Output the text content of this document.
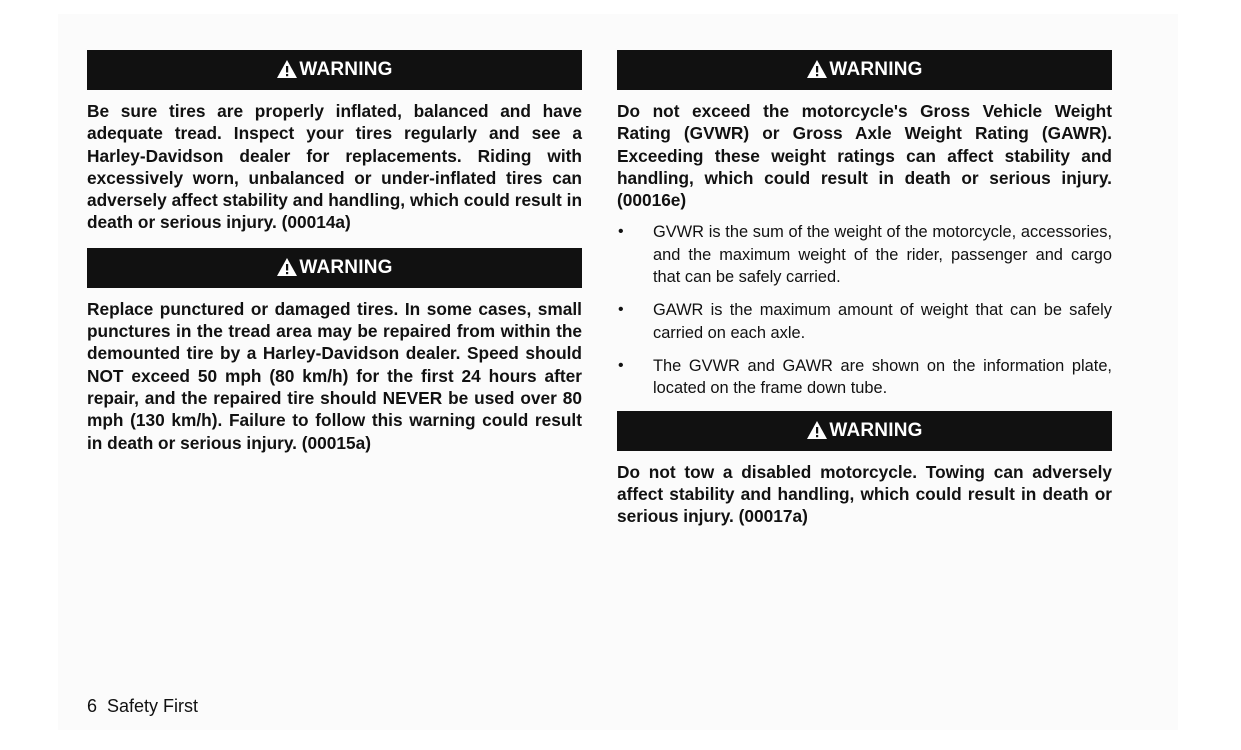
WARNING

Be sure tires are properly inflated, balanced and have adequate tread. Inspect your tires regularly and see a Harley-Davidson dealer for replacements. Riding with excessively worn, unbalanced or under-inflated tires can adversely affect stability and handling, which could result in death or serious injury. (00014a)

WARNING

Replace punctured or damaged tires. In some cases, small punctures in the tread area may be repaired from within the demounted tire by a Harley-Davidson dealer. Speed should NOT exceed 50 mph (80 km/h) for the first 24 hours after repair, and the repaired tire should NEVER be used over 80 mph (130 km/h). Failure to follow this warning could result in death or serious injury. (00015a)

WARNING

Do not exceed the motorcycle's Gross Vehicle Weight Rating (GVWR) or Gross Axle Weight Rating (GAWR). Exceeding these weight ratings can affect stability and handling, which could result in death or serious injury. (00016e)

• GVWR is the sum of the weight of the motorcycle, accessories, and the maximum weight of the rider, passenger and cargo that can be safely carried.
• GAWR is the maximum amount of weight that can be safely carried on each axle.
• The GVWR and GAWR are shown on the information plate, located on the frame down tube.
WARNING

Do not tow a disabled motorcycle. Towing can adversely affect stability and handling, which could result in death or serious injury. (00017a)

6 Safety First
